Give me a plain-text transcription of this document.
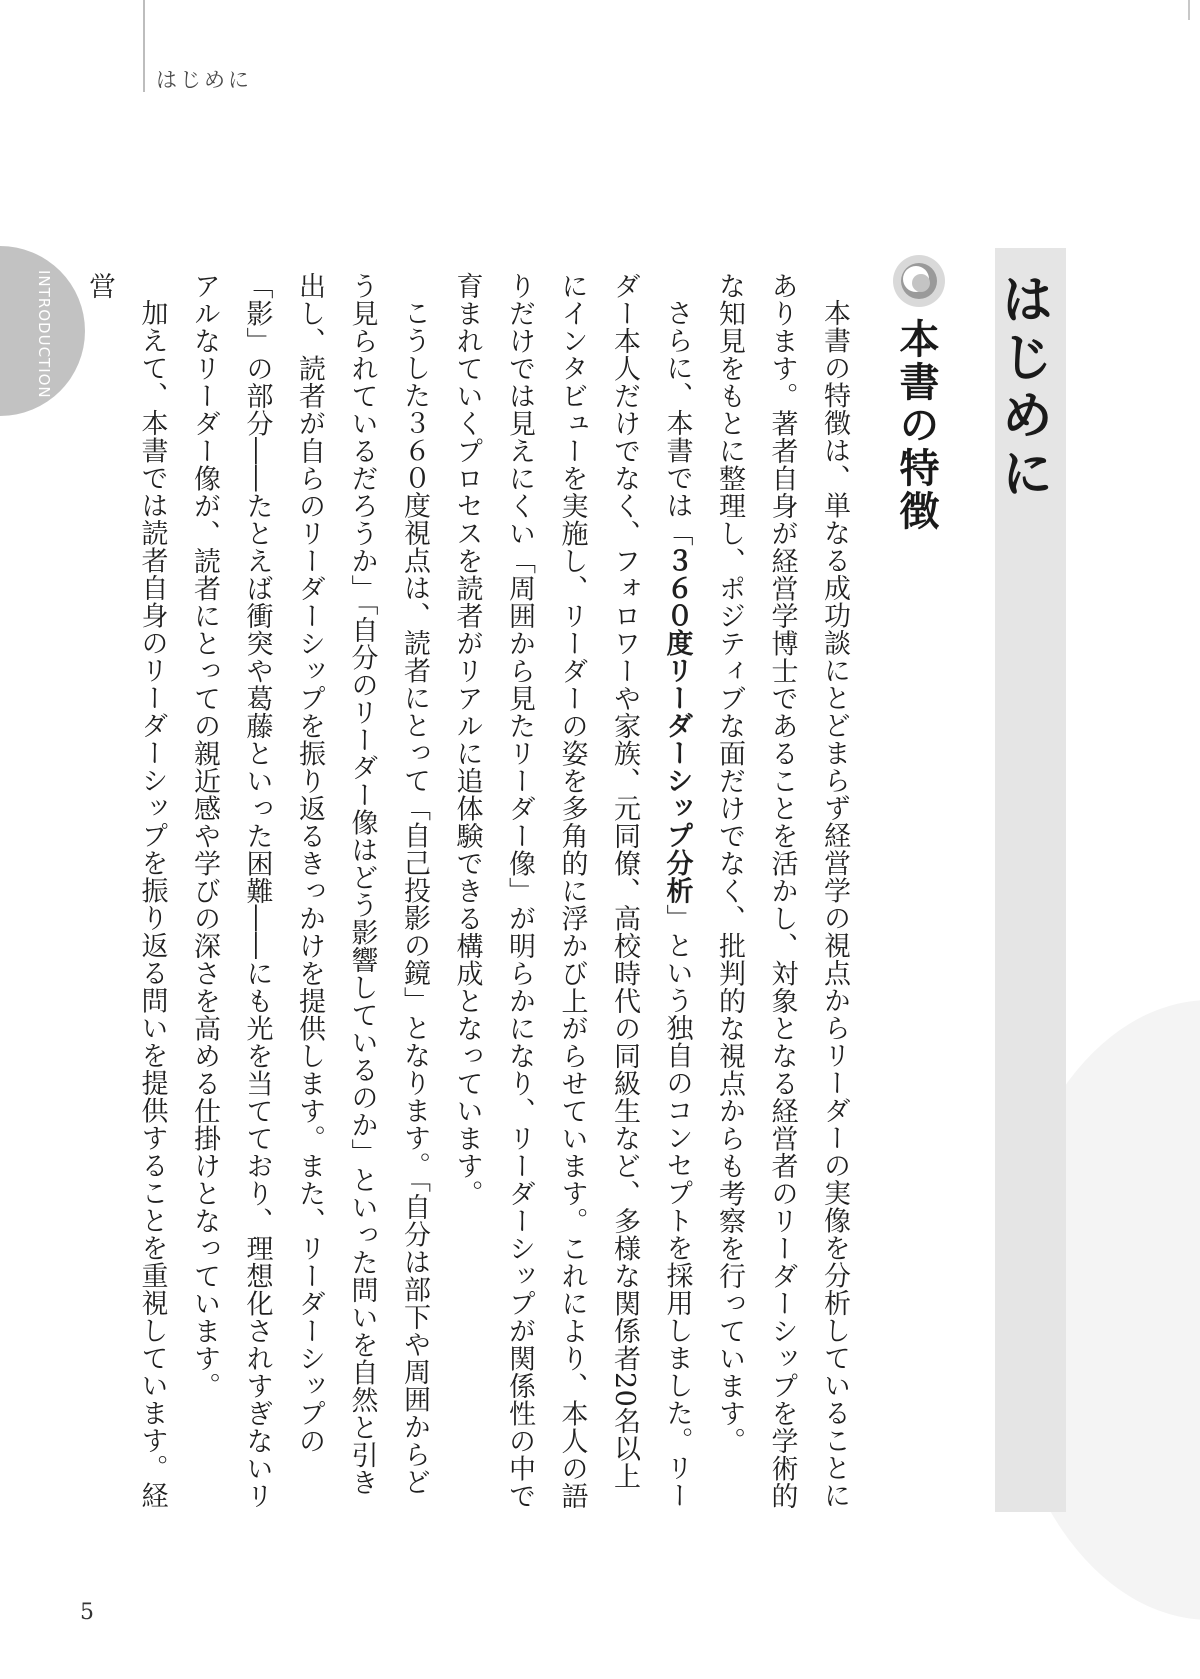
はじめに
INTRODUCTION	はじめに
本書の特徴

本書の特徴は、単なる成功談にとどまらず経営学の視点からリーダーの実像を分析していることにあります。著者自身が経営学博士であることを活かし、対象となる経営者のリーダーシップを学術的な知見をもとに整理し、ポジティブな面だけでなく、批判的な視点からも考察を行っています。

さらに、本書では「３６０度リーダーシップ分析」という独自のコンセプトを採用しました。リーダー本人だけでなく、フォロワーや家族、元同僚、高校時代の同級生など、多様な関係者20名以上にインタビューを実施し、リーダーの姿を多角的に浮かび上がらせています。これにより、本人の語りだけでは見えにくい「周囲から見たリーダー像」が明らかになり、リーダーシップが関係性の中で育まれていくプロセスを読者がリアルに追体験できる構成となっています。

こうした３６０度視点は、読者にとって「自己投影の鏡」となります。「自分は部下や周囲からどう見られているだろうか」「自分のリーダー像はどう影響しているのか」といった問いを自然と引き出し、読者が自らのリーダーシップを振り返るきっかけを提供します。また、リーダーシップの「影」の部分――たとえば衝突や葛藤といった困難――にも光を当てており、理想化されすぎないリアルなリーダー像が、読者にとっての親近感や学びの深さを高める仕掛けとなっています。

加えて、本書では読者自身のリーダーシップを振り返る問いを提供することを重視しています。経営

5
